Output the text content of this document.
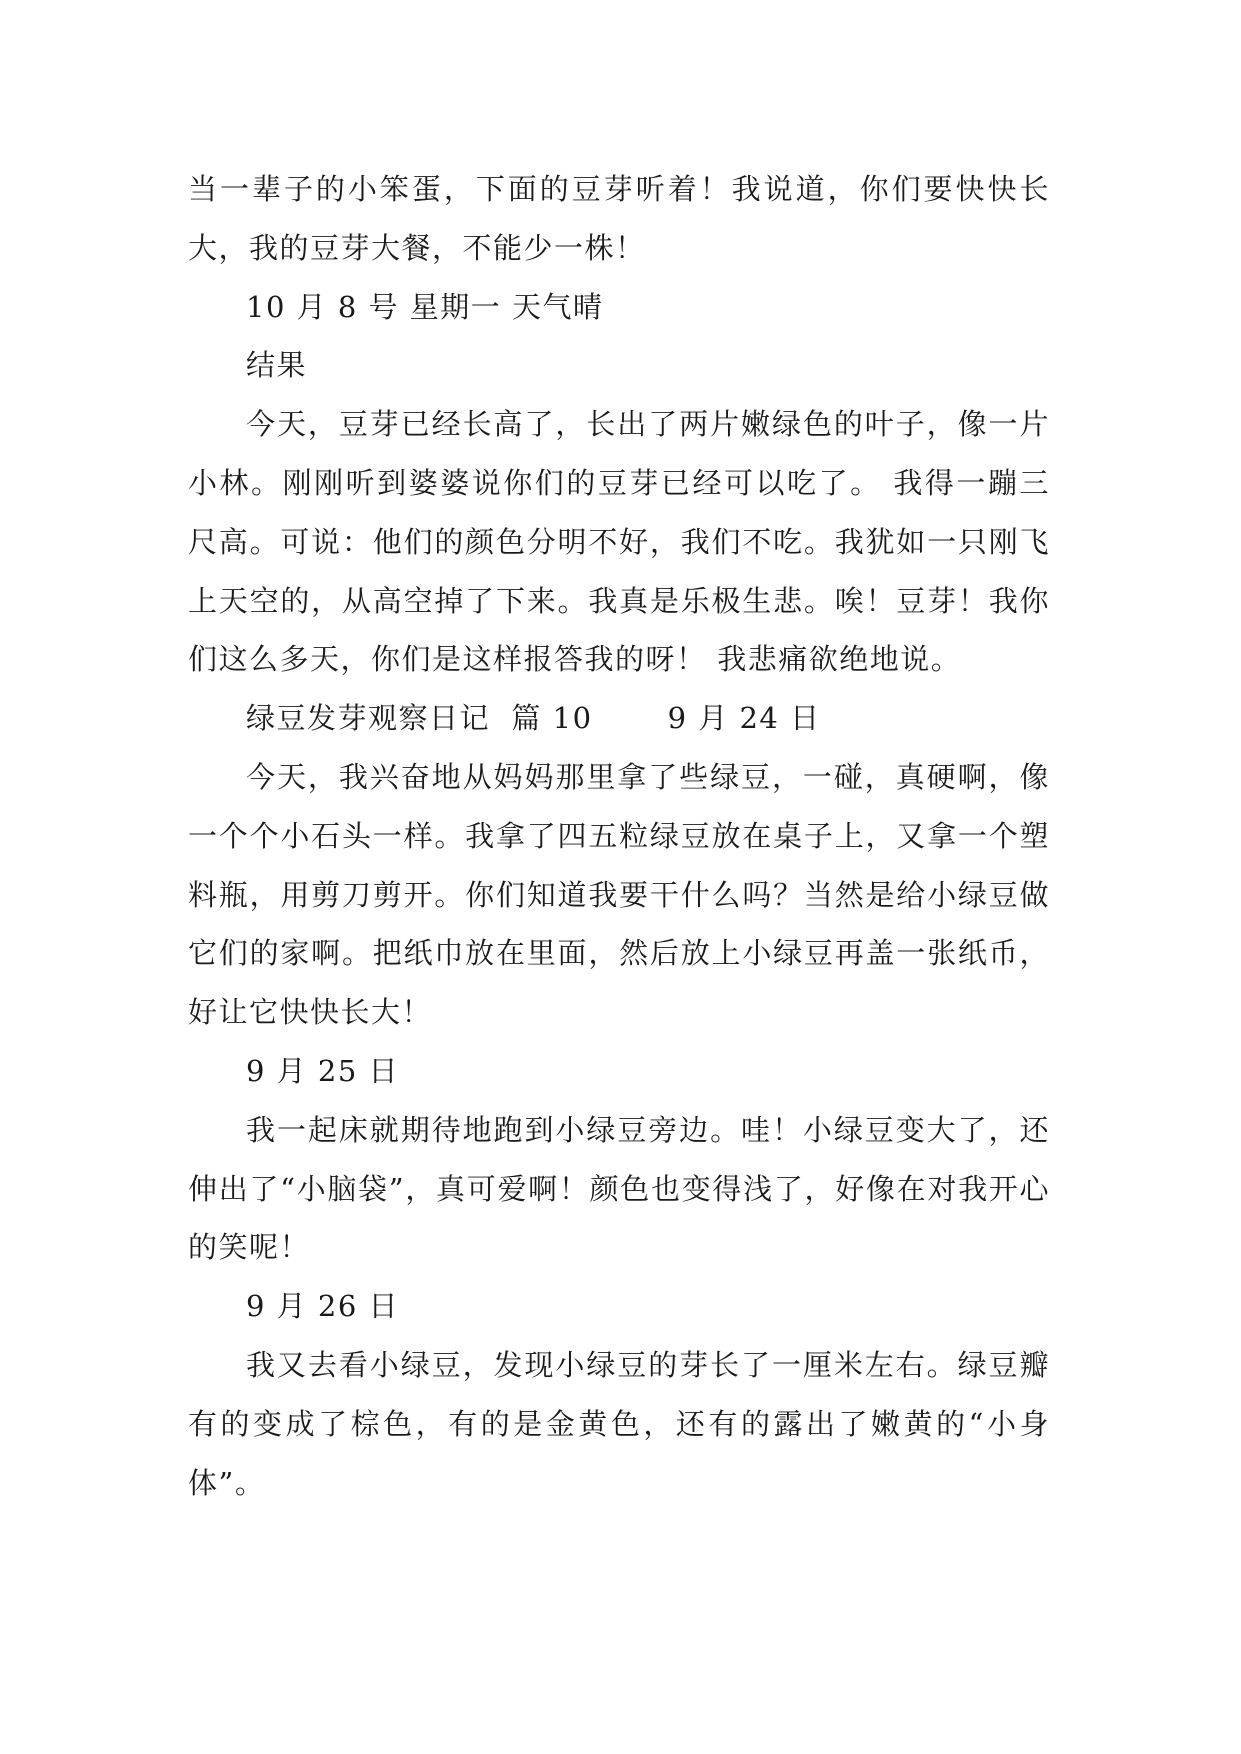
当一辈子的小笨蛋，下面的豆芽听着！我说道，你们要快快长大，我的豆芽大餐，不能少一株！

10 月 8 号 星期一 天气晴

结果

今天，豆芽已经长高了，长出了两片嫩绿色的叶子，像一片小林。刚刚听到婆婆说你们的豆芽已经可以吃了。 我得一蹦三尺高。可说：他们的颜色分明不好，我们不吃。我犹如一只刚飞上天空的，从高空掉了下来。我真是乐极生悲。唉！豆芽！我你们这么多天，你们是这样报答我的呀！ 我悲痛欲绝地说。

绿豆发芽观察日记  篇 10       9 月 24 日

今天，我兴奋地从妈妈那里拿了些绿豆，一碰，真硬啊，像一个个小石头一样。我拿了四五粒绿豆放在桌子上，又拿一个塑料瓶，用剪刀剪开。你们知道我要干什么吗？当然是给小绿豆做它们的家啊。把纸巾放在里面，然后放上小绿豆再盖一张纸币，好让它快快长大！

9 月 25 日

我一起床就期待地跑到小绿豆旁边。哇！小绿豆变大了，还伸出了“小脑袋”，真可爱啊！颜色也变得浅了，好像在对我开心的笑呢！

9 月 26 日

我又去看小绿豆，发现小绿豆的芽长了一厘米左右。绿豆瓣有的变成了棕色，有的是金黄色，还有的露出了嫩黄的“小身体”。
